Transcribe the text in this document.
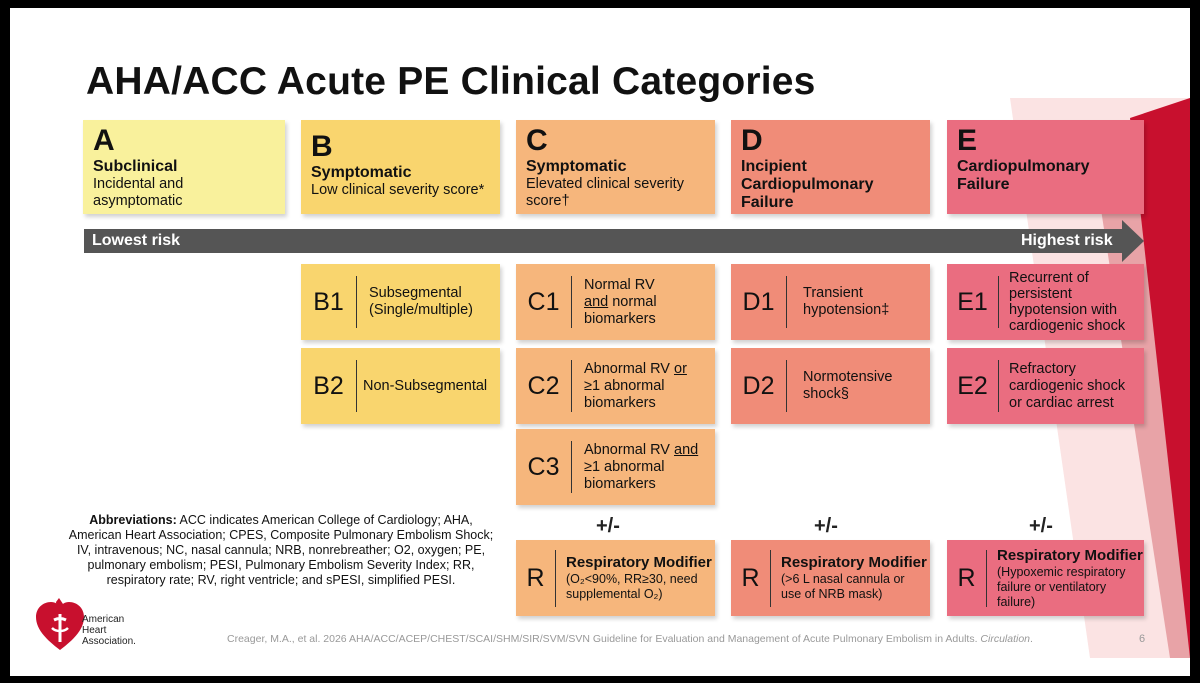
AHA/ACC Acute PE Clinical Categories
A
Subclinical
Incidental and
asymptomatic
B
Symptomatic
Low clinical severity score*
C
Symptomatic
Elevated clinical severity
score†
D
Incipient
Cardiopulmonary
Failure
E
Cardiopulmonary
Failure
Lowest risk	Highest risk
B1	Subsegmental
(Single/multiple)
B2	Non-Subsegmental
C1
Normal RV
and normal
biomarkers
C2
Abnormal RV or
≥1 abnormal
biomarkers
C3
Abnormal RV and
≥1 abnormal
biomarkers
D1	Transient
hypotension‡
D2	Normotensive
shock§
E1
Recurrent of
persistent
hypotension with
cardiogenic shock
E2
Refractory
cardiogenic shock
or cardiac arrest
+/-	+/-	+/-
R
Respiratory Modifier
(O₂<90%, RR≥30, need
supplemental O₂)
R
Respiratory Modifier
(>6 L nasal cannula or
use of NRB mask)
R
Respiratory Modifier
(Hypoxemic respiratory
failure or ventilatory
failure)
Abbreviations: ACC indicates American College of Cardiology; AHA, American Heart Association; CPES, Composite Pulmonary Embolism Shock; IV, intravenous; NC, nasal cannula; NRB, nonrebreather; O2, oxygen; PE, pulmonary embolism; PESI, Pulmonary Embolism Severity Index; RR, respiratory rate; RV, right ventricle; and sPESI, simplified PESI.
American
Heart
Association.	Creager, M.A., et al. 2026 AHA/ACC/ACEP/CHEST/SCAI/SHM/SIR/SVM/SVN Guideline for Evaluation and Management of Acute Pulmonary Embolism in Adults. Circulation.	6
